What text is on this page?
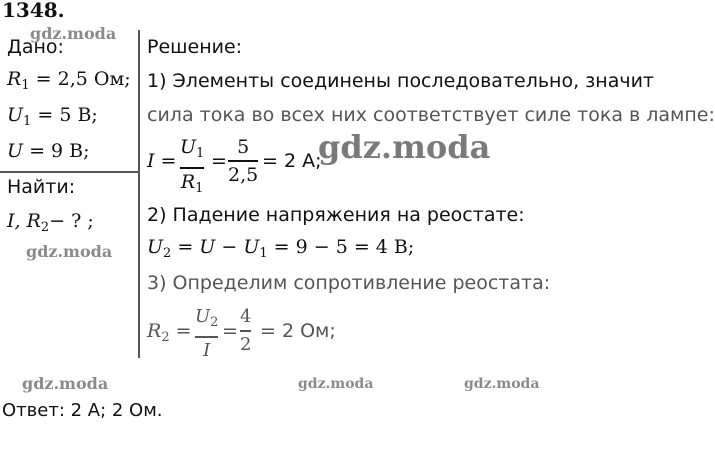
1348.
gdz.moda
Дано:
$R_1 = 2,5$ Ом;
$U_1 = 5$ В;
U = 9 В;
Найти:
I, $R_2-$ ? ;
gdz.moda
Решение:
1) Элементы соединены последовательно, значит
сила тока во всех них соответствует силе тока в лампе:
I =
$U_1$
$R_1$
=
5
2,5
= 2 А;
gdz.moda
2) Падение напряжения на реостате:
$U_2 = U - U_1 = 9 - 5 = 4$ В;
3) Определим сопротивление реостата:
$R_2$ =
$U_2$
I
=
4
2
= 2 Ом;
gdz.moda	gdz.moda	gdz.moda
Ответ: 2 А; 2 Ом.
